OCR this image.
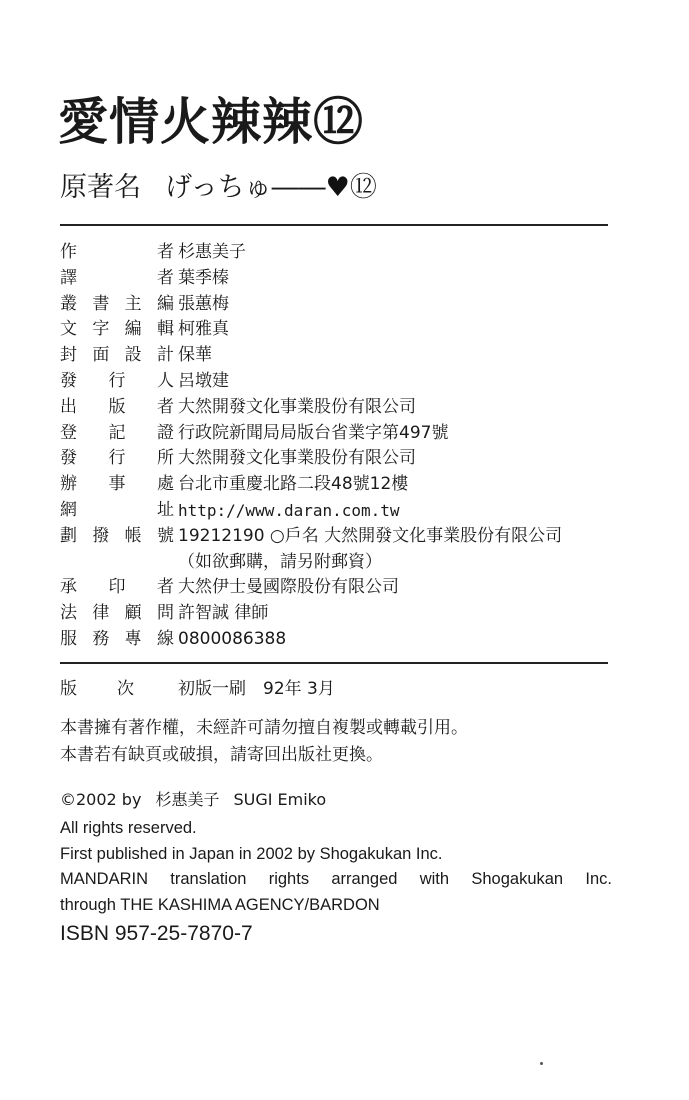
愛情火辣辣⑫
原著名 げっちゅ――♥⑫
作者 杉惠美子
譯者 葉季榛
叢書主編 張蕙梅
文字編輯 柯雅真
封面設計 保華
發行人 呂墩建
出版者 大然開發文化事業股份有限公司
登記證 行政院新聞局局版台省業字第497號
發行所 大然開發文化事業股份有限公司
辦事處 台北市重慶北路二段48號12樓
網址 http://www.daran.com.tw
劃撥帳號 19212190 ○戶名 大然開發文化事業股份有限公司
（如欲郵購，請另附郵資）
承印者 大然伊士曼國際股份有限公司
法律顧問 許智誠 律師
服務專線 0800086388
版次 初版一刷　92年 3月
本書擁有著作權，未經許可請勿擅自複製或轉載引用。
本書若有缺頁或破損，請寄回出版社更換。
©2002 by 杉惠美子 SUGI Emiko
All rights reserved.
First published in Japan in 2002 by Shogakukan Inc.
MANDARIN translation rights arranged with Shogakukan Inc.
through THE KASHIMA AGENCY/BARDON
ISBN 957-25-7870-7
